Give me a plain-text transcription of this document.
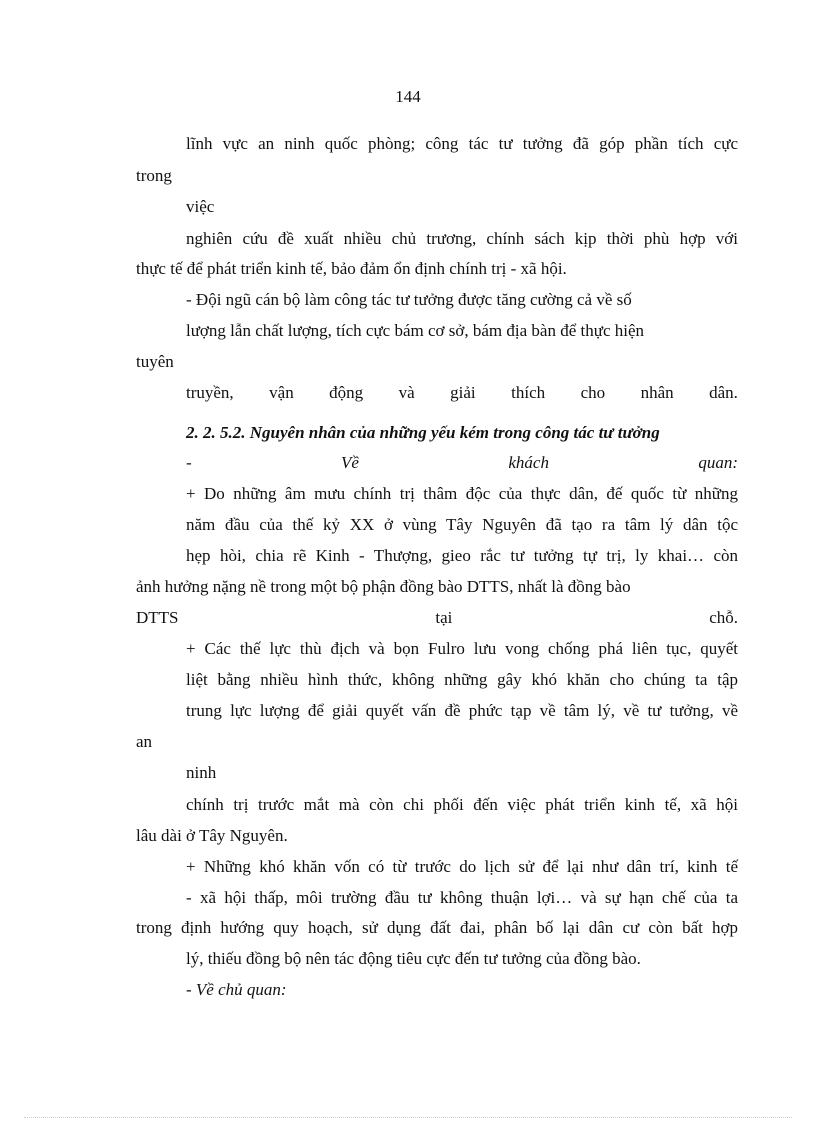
144
lĩnh vực an ninh quốc phòng; công tác tư tưởng đã góp phần tích cực
trong
việc
nghiên cứu đề xuất nhiều chủ trương, chính sách kịp thời phù hợp với
thực tế để phát triển kinh tế, bảo đảm ổn định chính trị - xã hội.
- Đội ngũ cán bộ làm công tác tư tưởng được tăng cường cả về số
lượng lẫn chất lượng, tích cực bám cơ sở, bám địa bàn để thực hiện
tuyên
truyền, vận động và giải thích cho nhân dân.
2. 2. 5.2. Nguyên nhân của những yếu kém trong công tác tư tưởng
-	Về	khách	quan:
+ Do những âm mưu chính trị thâm độc của thực dân, đế quốc từ những
năm đầu của thế kỷ XX ở vùng Tây Nguyên đã tạo ra tâm lý dân tộc
hẹp hòi, chia rẽ Kinh - Thượng, gieo rắc tư tưởng tự trị, ly khai… còn
ảnh hưởng nặng nề trong một bộ phận đồng bào DTTS, nhất là đồng bào
DTTS	tại	chỗ.
+ Các thế lực thù địch và bọn Fulro lưu vong chống phá liên tục, quyết
liệt bằng nhiều hình thức, không những gây khó khăn cho chúng ta tập
trung lực lượng để giải quyết vấn đề phức tạp về tâm lý, về tư tưởng, về
an
ninh
chính trị trước mắt mà còn chi phối đến việc phát triển kinh tế, xã hội
lâu dài ở Tây Nguyên.
+ Những khó khăn vốn có từ trước do lịch sử để lại như dân trí, kinh tế
- xã hội thấp, môi trường đầu tư không thuận lợi… và sự hạn chế của ta
trong định hướng quy hoạch, sử dụng đất đai, phân bố lại dân cư còn bất hợp
lý, thiếu đồng bộ nên tác động tiêu cực đến tư tưởng của đồng bào.
- Về chủ quan:
